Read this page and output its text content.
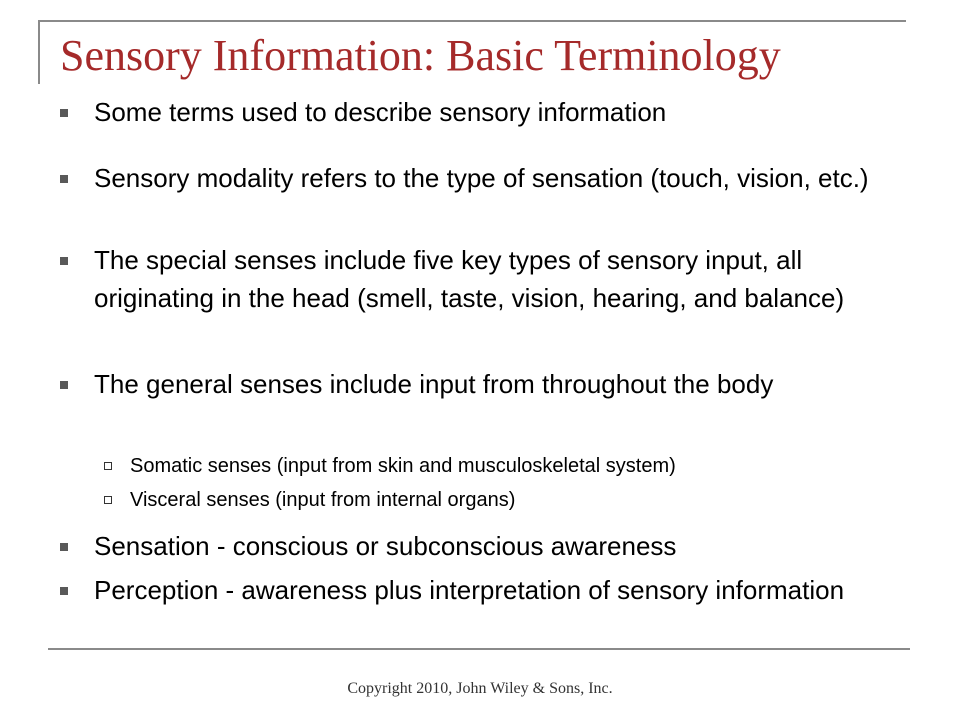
Sensory Information: Basic Terminology
Some terms used to describe sensory information
Sensory modality refers to the type of sensation (touch, vision, etc.)
The special senses include five key types of sensory input, all originating in the head (smell, taste, vision, hearing, and balance)
The general senses include input from throughout the body
Somatic senses (input from skin and musculoskeletal system)
Visceral senses (input from internal organs)
Sensation - conscious or subconscious awareness
Perception - awareness plus interpretation of sensory information
Copyright 2010, John Wiley & Sons, Inc.
